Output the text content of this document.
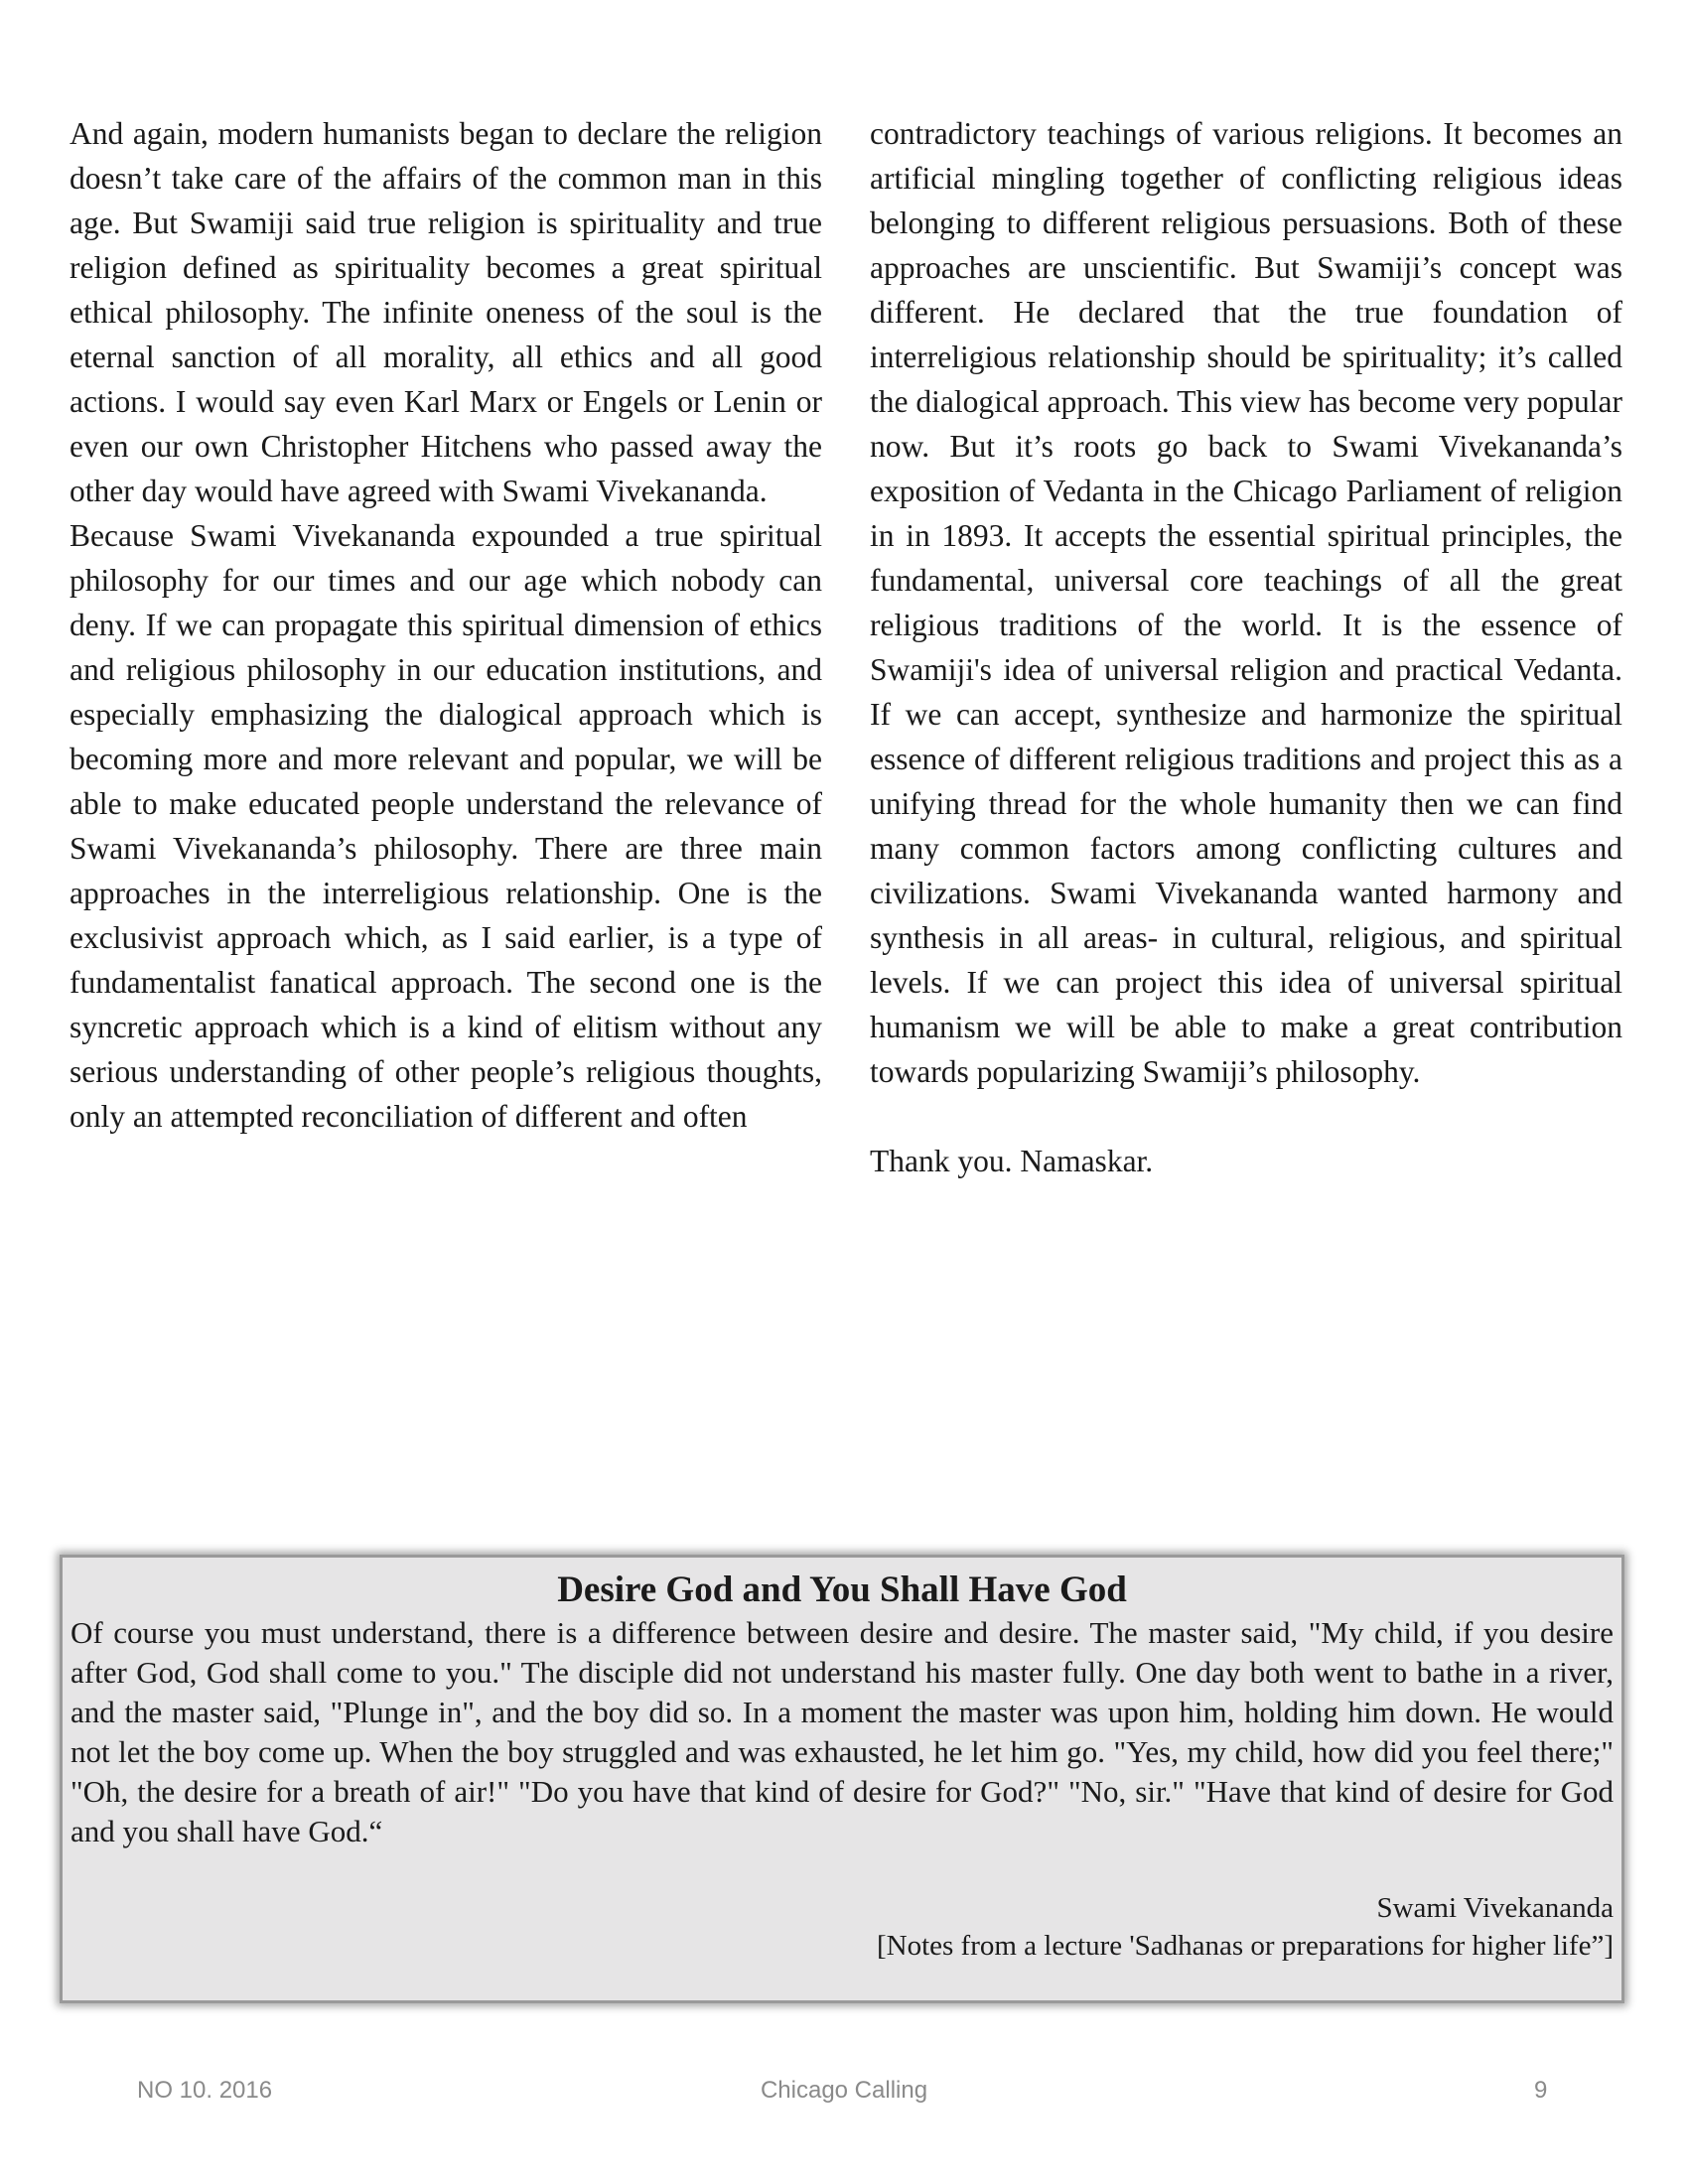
And again, modern humanists began to declare the religion doesn’t take care of the affairs of the common man in this age. But Swamiji said true religion is spirituality and true religion defined as spirituality becomes a great spiritual ethical philosophy. The infinite oneness of the soul is the eternal sanction of all morality, all ethics and all good actions. I would say even Karl Marx or Engels or Lenin or even our own Christopher Hitchens who passed away the other day would have agreed with Swami Vivekananda.

Because Swami Vivekananda expounded a true spiritual philosophy for our times and our age which nobody can deny. If we can propagate this spiritual dimension of ethics and religious philosophy in our education institutions, and especially emphasizing the dialogical approach which is becoming more and more relevant and popular, we will be able to make educated people understand the relevance of Swami Vivekananda’s philosophy. There are three main approaches in the interreligious relationship. One is the exclusivist approach which, as I said earlier, is a type of fundamentalist fanatical approach. The second one is the syncretic approach which is a kind of elitism without any serious understanding of other people’s religious thoughts, only an attempted reconciliation of different and often

contradictory teachings of various religions. It becomes an artificial mingling together of conflicting religious ideas belonging to different religious persuasions. Both of these approaches are unscientific. But Swamiji’s concept was different. He declared that the true foundation of interreligious relationship should be spirituality; it’s called the dialogical approach. This view has become very popular now. But it’s roots go back to Swami Vivekananda’s exposition of Vedanta in the Chicago Parliament of religion in in 1893. It accepts the essential spiritual principles, the fundamental, universal core teachings of all the great religious traditions of the world. It is the essence of Swamiji's idea of universal religion and practical Vedanta. If we can accept, synthesize and harmonize the spiritual essence of different religious traditions and project this as a unifying thread for the whole humanity then we can find many common factors among conflicting cultures and civilizations. Swami Vivekananda wanted harmony and synthesis in all areas- in cultural, religious, and spiritual levels. If we can project this idea of universal spiritual humanism we will be able to make a great contribution towards popularizing Swamiji’s philosophy.

Thank you. Namaskar.

Desire God and You Shall Have God

Of course you must understand, there is a difference between desire and desire. The master said, "My child, if you desire after God, God shall come to you." The disciple did not understand his master fully. One day both went to bathe in a river, and the master said, "Plunge in", and the boy did so. In a moment the master was upon him, holding him down. He would not let the boy come up. When the boy struggled and was exhausted, he let him go. "Yes, my child, how did you feel there;" "Oh, the desire for a breath of air!" "Do you have that kind of desire for God?" "No, sir." "Have that kind of desire for God and you shall have God.“

Swami Vivekananda
[Notes from a lecture 'Sadhanas or preparations for higher life”]
Chicago Calling
NO 10. 2016	9
